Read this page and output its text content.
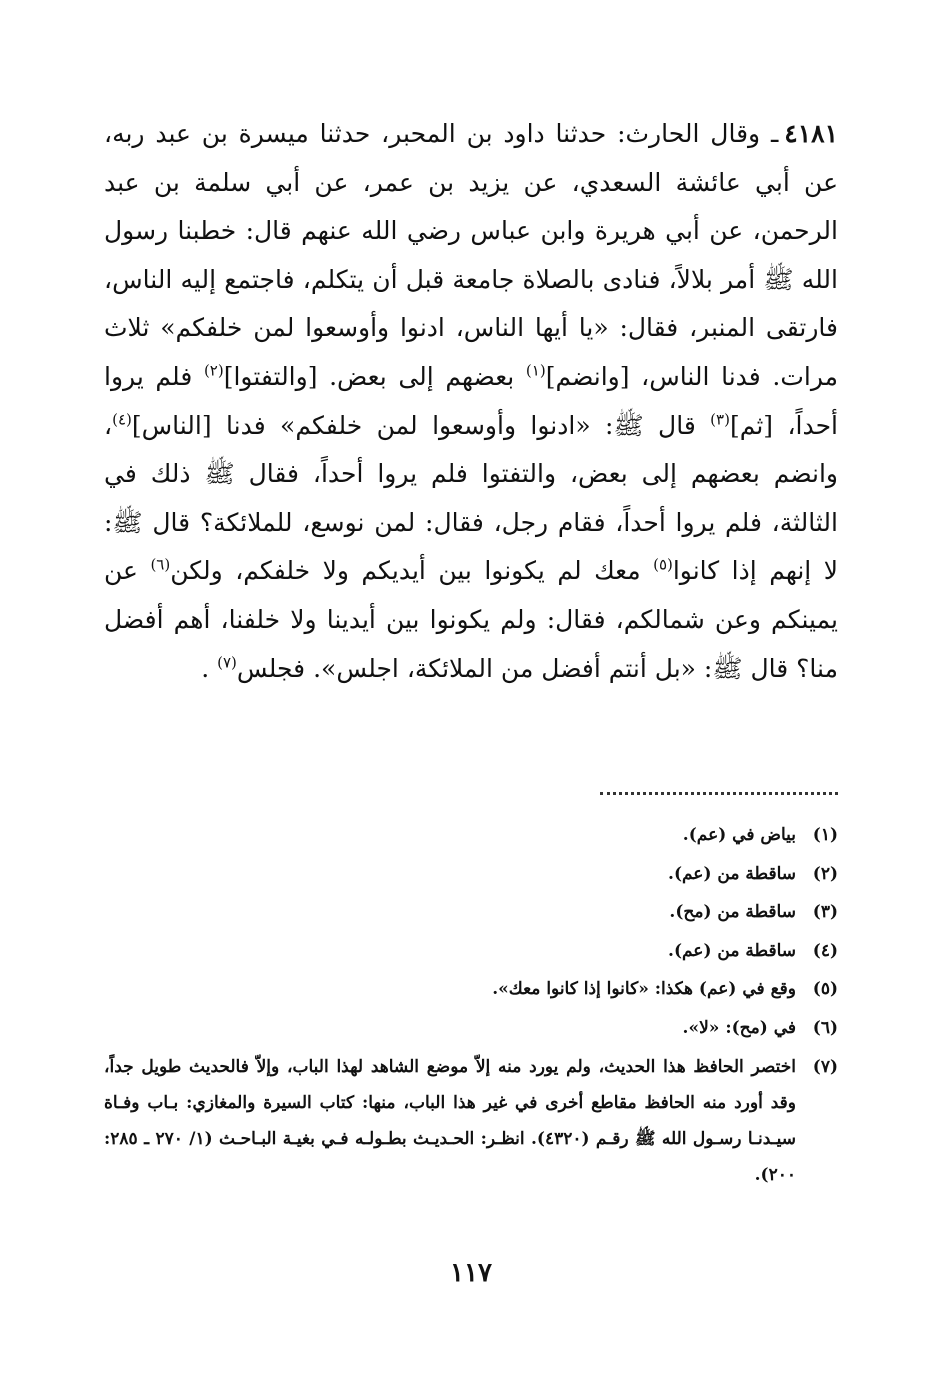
٤١٨١ـ وقال الحارث: حدثنا داود بن المحبر، حدثنا ميسرة بن عبد ربه، عن أبي عائشة السعدي، عن يزيد بن عمر، عن أبي سلمة بن عبد الرحمن، عن أبي هريرة وابن عباس رضي الله عنهم قال: خطبنا رسول الله ﷺ أمر بلالاً، فنادى بالصلاة جامعة قبل أن يتكلم، فاجتمع إليه الناس، فارتقى المنبر، فقال: «يا أيها الناس، ادنوا وأوسعوا لمن خلفكم» ثلاث مرات. فدنا الناس، [وانضم]$^{(١)}$ بعضهم إلى بعض. [والتفتوا]$^{(٢)}$ فلم يروا أحداً، [ثم]$^{(٣)}$ قال ﷺ: «ادنوا وأوسعوا لمن خلفكم» فدنا [الناس]$^{(٤)}$، وانضم بعضهم إلى بعض، والتفتوا فلم يروا أحداً، فقال ﷺ ذلك في الثالثة، فلم يروا أحداً، فقام رجل، فقال: لمن نوسع، للملائكة؟ قال ﷺ: لا إنهم إذا كانوا$^{(٥)}$ معك لم يكونوا بين أيديكم ولا خلفكم، ولكن$^{(٦)}$ عن يمينكم وعن شمالكم، فقال: ولم يكونوا بين أيدينا ولا خلفنا، أهم أفضل منا؟ قال ﷺ: «بل أنتم أفضل من الملائكة، اجلس». فجلس$^{(٧)}$ .

(١)
بياض في (عم).
(٢)
ساقطة من (عم).
(٣)
ساقطة من (مح).
(٤)
ساقطة من (عم).
(٥)
وقع في (عم) هكذا: «كانوا إذا كانوا معك».
(٦)
في (مح): «لا».
(٧)
اختصر الحافظ هذا الحديث، ولم يورد منه إلاّ موضع الشاهد لهذا الباب، وإلاّ فالحديث طويل جداً، وقد أورد منه الحافظ مقاطع أخرى في غير هذا الباب، منها: كتاب السيرة والمغازي: بـاب وفـاة سيـدنـا رسـول الله ﷺ رقـم (٤٣٢٠). انظـر: الحـديـث بطـولـه فـي بغيـة البـاحـث (١/ ٢٧٠ ـ ٢٨٥: ٢٠٠).
١١٧
